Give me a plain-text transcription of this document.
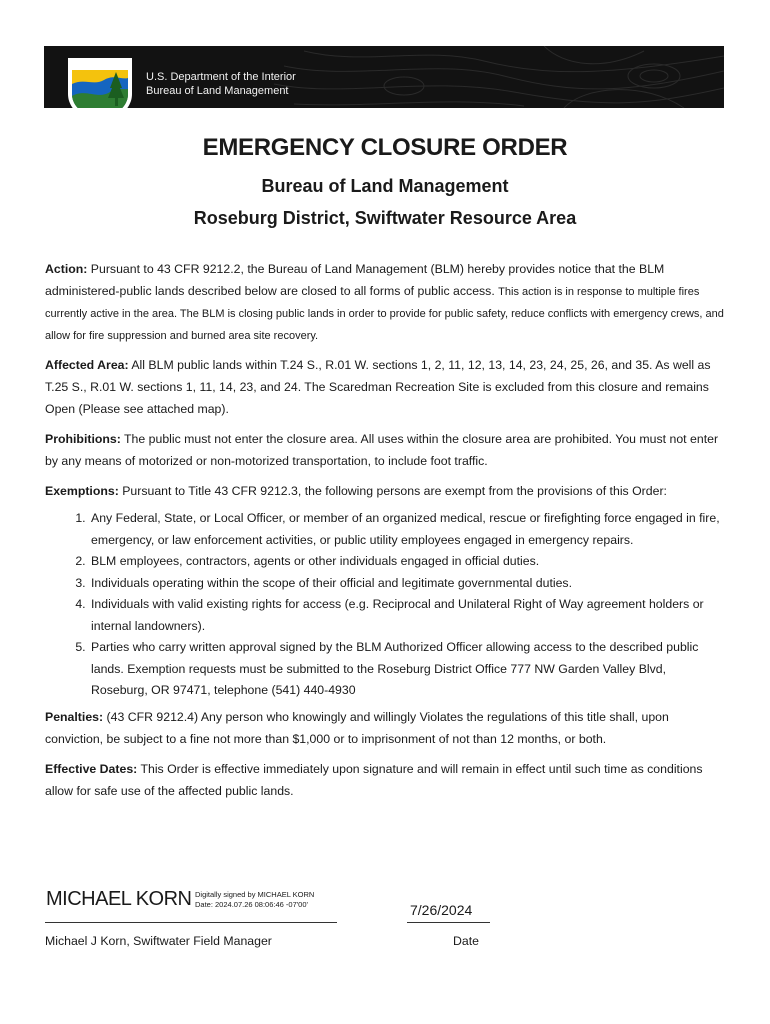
U.S. Department of the Interior
Bureau of Land Management
EMERGENCY CLOSURE ORDER
Bureau of Land Management
Roseburg District, Swiftwater Resource Area

Action: Pursuant to 43 CFR 9212.2, the Bureau of Land Management (BLM) hereby provides notice that the BLM administered-public lands described below are closed to all forms of public access. This action is in response to multiple fires currently active in the area. The BLM is closing public lands in order to provide for public safety, reduce conflicts with emergency crews, and allow for fire suppression and burned area site recovery.

Affected Area: All BLM public lands within T.24 S., R.01 W. sections 1, 2, 11, 12, 13, 14, 23, 24, 25, 26, and 35. As well as T.25 S., R.01 W. sections 1, 11, 14, 23, and 24. The Scaredman Recreation Site is excluded from this closure and remains Open (Please see attached map).

Prohibitions: The public must not enter the closure area. All uses within the closure area are prohibited. You must not enter by any means of motorized or non-motorized transportation, to include foot traffic.

Exemptions: Pursuant to Title 43 CFR 9212.3, the following persons are exempt from the provisions of this Order:

1. Any Federal, State, or Local Officer, or member of an organized medical, rescue or firefighting force engaged in fire, emergency, or law enforcement activities, or public utility employees engaged in emergency repairs.
2. BLM employees, contractors, agents or other individuals engaged in official duties.
3. Individuals operating within the scope of their official and legitimate governmental duties.
4. Individuals with valid existing rights for access (e.g. Reciprocal and Unilateral Right of Way agreement holders or internal landowners).
5. Parties who carry written approval signed by the BLM Authorized Officer allowing access to the described public lands. Exemption requests must be submitted to the Roseburg District Office 777 NW Garden Valley Blvd, Roseburg, OR 97471, telephone (541) 440-4930

Penalties: (43 CFR 9212.4) Any person who knowingly and willingly Violates the regulations of this title shall, upon conviction, be subject to a fine not more than $1,000 or to imprisonment of not than 12 months, or both.

Effective Dates: This Order is effective immediately upon signature and will remain in effect until such time as conditions allow for safe use of the affected public lands.

MICHAEL KORN Digitally signed by MICHAEL KORN
Date: 2024.07.26 08:06:46 -07'00'	7/26/2024
Michael J Korn, Swiftwater Field Manager	Date
